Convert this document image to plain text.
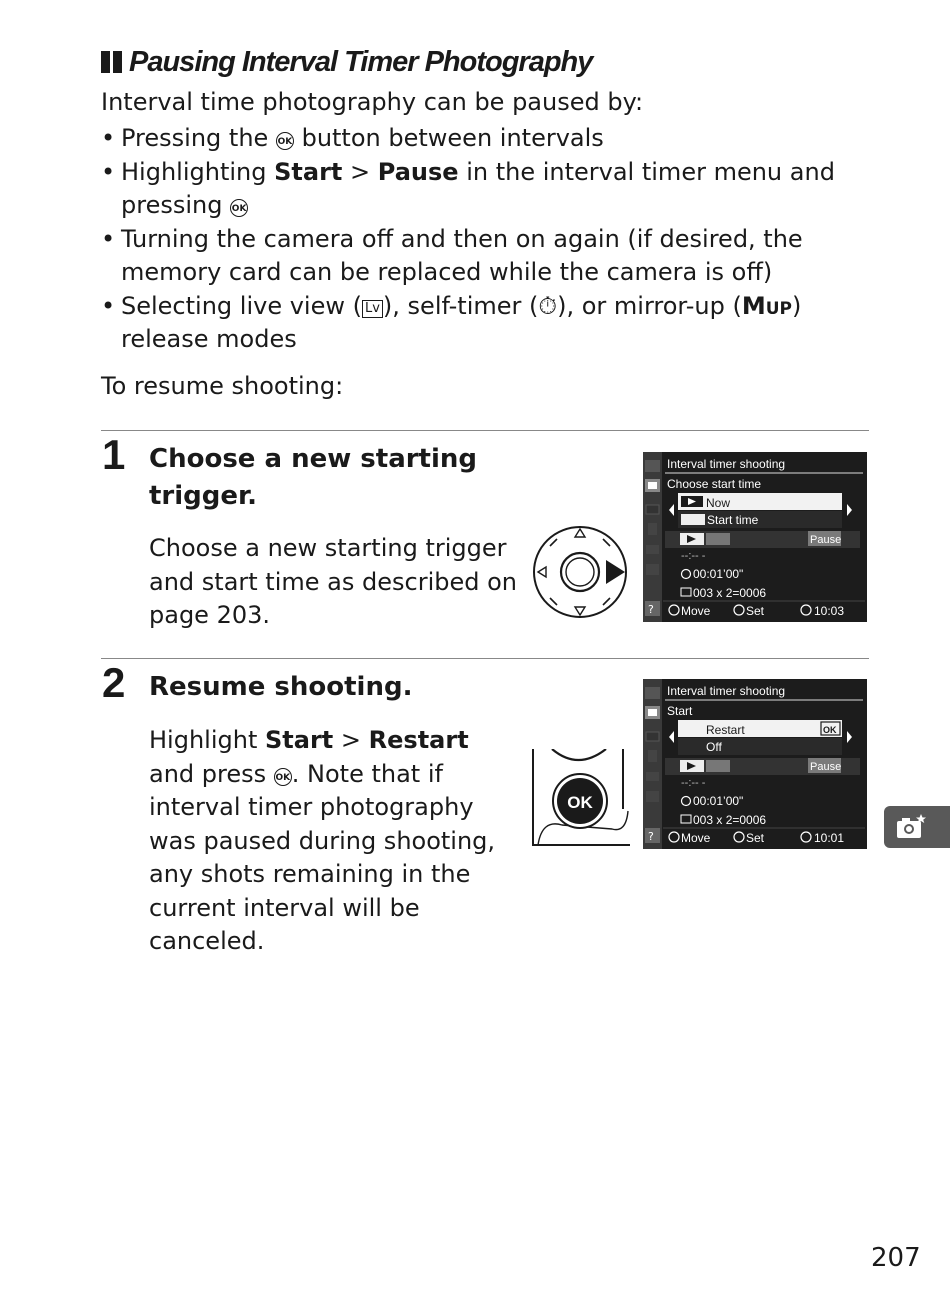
Pausing Interval Timer Photography

Interval time photography can be paused by:

• Pressing the OK button between intervals
• Highlighting Start > Pause in the interval timer menu and pressing OK
• Turning the camera off and then on again (if desired, the memory card can be replaced while the camera is off)
• Selecting live view ( Lv ), self-timer (⏱), or mirror-up (Mup) release modes

To resume shooting:

1 Choose a new starting trigger.

Choose a new starting trigger and start time as described on page 203.	?
Interval timer shooting
Choose start time
Now
Start time
Pause
--:-- -
00:01’00"
003 x 2=0006
Move	Set	10:03
2 Resume shooting.

Highlight Start > Restart and press OK. Note that if interval timer photography was paused during shooting, any shots remaining in the current interval will be canceled.

OK
?
Interval timer shooting
Start
Restart	OK
Off
Pause
--:-- -
00:01’00"
003 x 2=0006
Move	Set	10:01
207
